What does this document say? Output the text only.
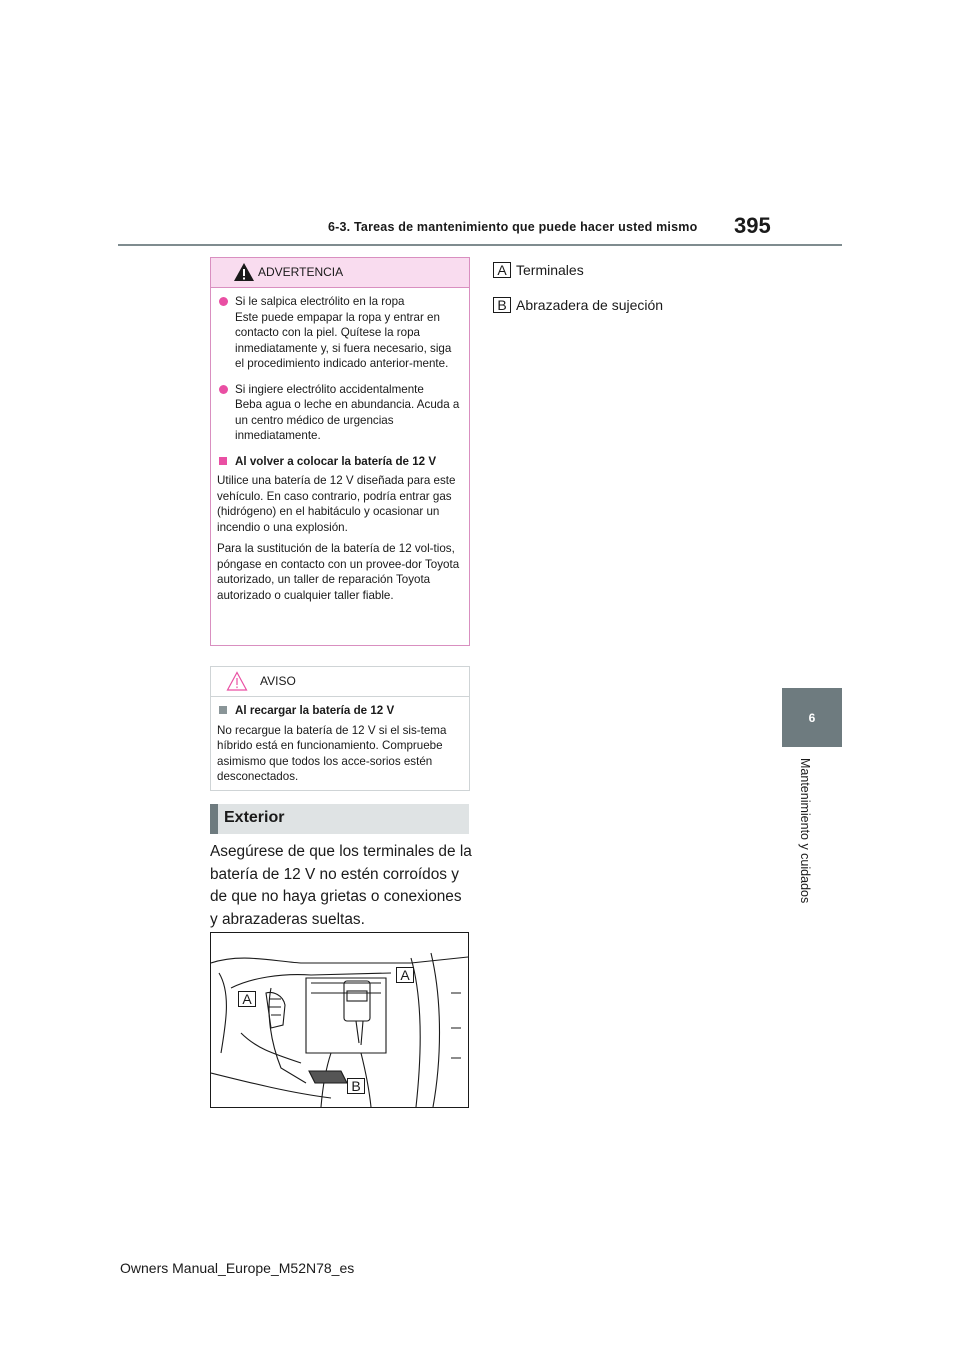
6-3. Tareas de mantenimiento que puede hacer usted mismo 395
6
Mantenimiento y cuidados
ADVERTENCIA
Si le salpica electrólito en la ropa
Este puede empapar la ropa y entrar en contacto con la piel. Quítese la ropa inmediatamente y, si fuera necesario, siga el procedimiento indicado anterior-mente.
Si ingiere electrólito accidentalmente
Beba agua o leche en abundancia. Acuda a un centro médico de urgencias inmediatamente.
Al volver a colocar la batería de 12 V
Utilice una batería de 12 V diseñada para este vehículo. En caso contrario, podría entrar gas (hidrógeno) en el habitáculo y ocasionar un incendio o una explosión.
Para la sustitución de la batería de 12 vol-tios, póngase en contacto con un provee-dor Toyota autorizado, un taller de reparación Toyota autorizado o cualquier taller fiable.
AVISO
Al recargar la batería de 12 V
No recargue la batería de 12 V si el sis-tema híbrido está en funcionamiento. Compruebe asimismo que todos los acce-sorios estén desconectados.
Exterior
Asegúrese de que los terminales de la batería de 12 V no estén corroídos y de que no haya grietas o conexiones y abrazaderas sueltas.
A
A
B
A Terminales
B Abrazadera de sujeción
Owners Manual_Europe_M52N78_es
